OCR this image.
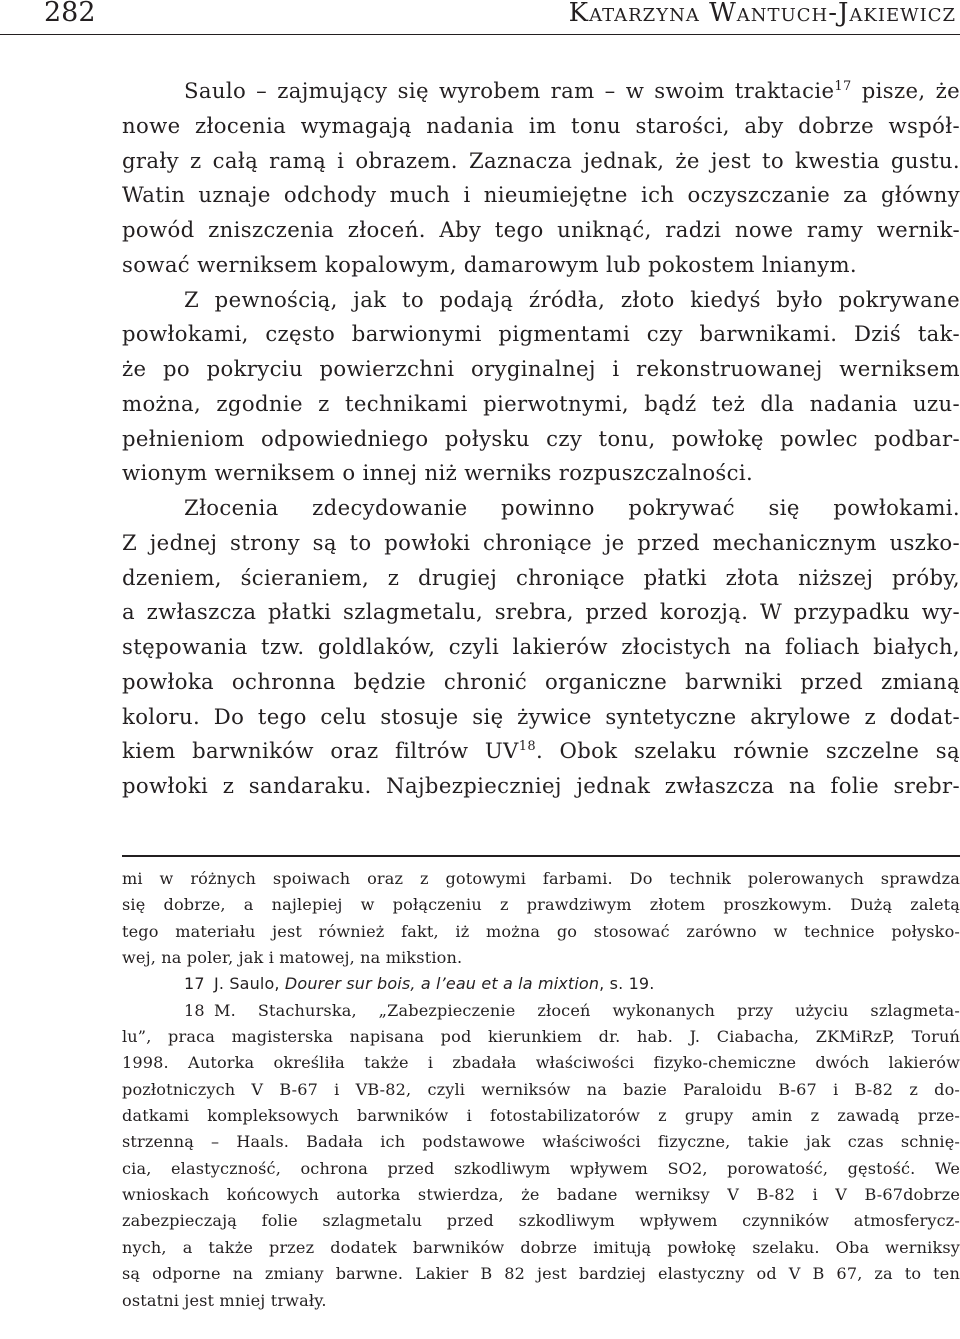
282	Katarzyna Wantuch-Jakiewicz
Saulo – zajmujący się wyrobem ram – w swoim traktacie$^{17}$ pisze, że
nowe złocenia wymagają nadania im tonu starości, aby dobrze współ-
grały z całą ramą i obrazem. Zaznacza jednak, że jest to kwestia gustu.
Watin uznaje odchody much i nieumiejętne ich oczyszczanie za główny
powód zniszczenia złoceń. Aby tego uniknąć, radzi nowe ramy wernik-
sować werniksem kopalowym, damarowym lub pokostem lnianym.
Z pewnością, jak to podają źródła, złoto kiedyś było pokrywane
powłokami, często barwionymi pigmentami czy barwnikami. Dziś tak-
że po pokryciu powierzchni oryginalnej i rekonstruowanej werniksem
można, zgodnie z technikami pierwotnymi, bądź też dla nadania uzu-
pełnieniom odpowiedniego połysku czy tonu, powłokę powlec podbar-
wionym werniksem o innej niż werniks rozpuszczalności.
Złocenia zdecydowanie powinno pokrywać się powłokami.
Z jednej strony są to powłoki chroniące je przed mechanicznym uszko-
dzeniem, ścieraniem, z drugiej chroniące płatki złota niższej próby,
a zwłaszcza płatki szlagmetalu, srebra, przed korozją. W przypadku wy-
stępowania tzw. goldlaków, czyli lakierów złocistych na foliach białych,
powłoka ochronna będzie chronić organiczne barwniki przed zmianą
koloru. Do tego celu stosuje się żywice syntetyczne akrylowe z dodat-
kiem barwników oraz filtrów UV$^{18}$. Obok szelaku równie szczelne są
powłoki z sandaraku. Najbezpieczniej jednak zwłaszcza na folie srebr-
mi w różnych spoiwach oraz z gotowymi farbami. Do technik polerowanych sprawdza
się dobrze, a najlepiej w połączeniu z prawdziwym złotem proszkowym. Dużą zaletą
tego materiału jest również fakt, iż można go stosować zarówno w technice połysko-
wej, na poler, jak i matowej, na mikstion.
17 J. Saulo, Dourer sur bois, a l’eau et a la mixtion, s. 19.
18 M. Stachurska, „Zabezpieczenie złoceń wykonanych przy użyciu szlagmeta-
lu”, praca magisterska napisana pod kierunkiem dr. hab. J. Ciabacha, ZKMiRzP, Toruń
1998. Autorka określiła także i zbadała właściwości fizyko-chemiczne dwóch lakierów
pozłotniczych V B-67 i VB-82, czyli werniksów na bazie Paraloidu B-67 i B-82 z do-
datkami kompleksowych barwników i fotostabilizatorów z grupy amin z zawadą prze-
strzenną – Haals. Badała ich podstawowe właściwości fizyczne, takie jak czas schnię-
cia, elastyczność, ochrona przed szkodliwym wpływem SO2, porowatość, gęstość. We
wnioskach końcowych autorka stwierdza, że badane werniksy V B-82 i V B-67dobrze
zabezpieczają folie szlagmetalu przed szkodliwym wpływem czynników atmosferycz-
nych, a także przez dodatek barwników dobrze imitują powłokę szelaku. Oba werniksy
są odporne na zmiany barwne. Lakier B 82 jest bardziej elastyczny od V B 67, za to ten
ostatni jest mniej trwały.
